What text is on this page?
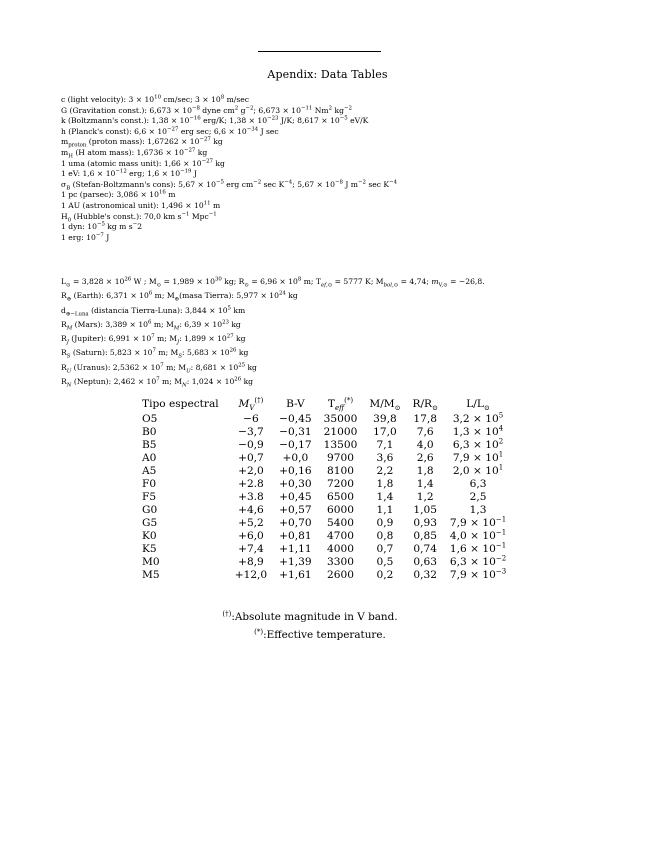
Apendix: Data Tables
c (light velocity): $3 \times 10^{10}$ cm/sec; $3 \times 10^8$ m/sec
G (Gravitation const.): $6,673 \times 10^{-8}$ dyne $cm^2$ $g^{-2}$; $6,673 \times 10^{-11}$ Nm$^2$ $kg^{-2}$
k (Boltzmann's const.): $1,38 \times 10^{-16}$ erg/K; $1,38 \times 10^{-23}$ J/K; $8,617 \times 10^{-5}$ eV/K
h (Planck's const): $6,6 \times 10^{-27}$ erg sec; $6,6 \times 10^{-34}$ J sec
$m_{proton}$ (proton mass): $1,67262 \times 10^{-27}$ kg
$m_H$ (H atom mass): $1,6736 \times 10^{-27}$ kg
1 uma (atomic mass unit): $1,66 \times 10^{-27}$ kg
1 eV: $1,6 \times 10^{-12}$ erg; $1,6 \times 10^{-19}$ J
$\sigma_B$ (Stefan-Boltzmann's cons): $5,67 \times 10^{-5}$ erg $cm^{-2}$ $\sec K^{-4}$; $5,67 \times 10^{-8}$ J $m^{-2}$ $\sec K^{-4}$
1 pc (parsec): $3,086 \times 10^{16}$ m
1 AU (astronomical unit): $1,496 \times 10^{11}$ m
$H_0$ (Hubble's const.): 70,0 km $s^{-1}$ Mpc$^{-1}$
1 dyn: $10^{-5}$ kg m s−2
1 erg: $10^{-7}$ J
$L_⊙ = 3,828 \times 10^{26}$ W ; $M_⊙ = 1,989 \times 10^{30}$ kg; $R_⊙ = 6,96 \times 10^8$ m; $T_{ef,⊙} = 5777$ K; $M_{bol,⊙} = 4,74$; $m_{V,⊙} = -26,8$.
$R_\oplus$ (Earth): $6,371 \times 10^6$ m; $M_\oplus(masa$ Tierra): $5,977 \times 10^{24}$ kg
$d_{\oplus-Luna}$ (distancia Tierra-Luna): $3,844 \times 10^5$ km
$R_M$ (Mars): $3,389 \times 10^6$ m; $M_M$: $6,39 \times 10^{23}$ kg
$R_J$ (Jupiter): $6,991 \times 10^7$ m; $M_J$: $1,899 \times 10^{27}$ kg
$R_S$ (Saturn): $5,823 \times 10^7$ m; $M_S$: $5,683 \times 10^{26}$ kg
$R_U$ (Uranus): $2,5362 \times 10^7$ m; $M_U$: $8,681 \times 10^{25}$ kg
$R_N$ (Neptun): $2,462 \times 10^7$ m; $M_N$: $1,024 \times 10^{26}$ kg
Tipo espectral	$M_V^{(\dagger)}$	B-V	$T_{eff}^{(*)}$	$M/M_⊙$	$R/R_⊙$	$L/L_⊙$
O5	−6	−0,45	35000	39,8	17,8	$3,2 \times 10^5$
B0	−3,7	−0,31	21000	17,0	7,6	$1,3 \times 10^4$
B5	−0,9	−0,17	13500	7,1	4,0	$6,3 \times 10^2$
A0	+0,7	+0,0	9700	3,6	2,6	$7,9 \times 10^1$
A5	+2,0	+0,16	8100	2,2	1,8	$2,0 \times 10^1$
F0	+2.8	+0,30	7200	1,8	1,4	6,3
F5	+3.8	+0,45	6500	1,4	1,2	2,5
G0	+4,6	+0,57	6000	1,1	1,05	1,3
G5	+5,2	+0,70	5400	0,9	0,93	$7,9 \times 10^{-1}$
K0	+6,0	+0,81	4700	0,8	0,85	$4,0 \times 10^{-1}$
K5	+7,4	+1,11	4000	0,7	0,74	$1,6 \times 10^{-1}$
M0	+8,9	+1,39	3300	0,5	0,63	$6,3 \times 10^{-2}$
M5	+12,0	+1,61	2600	0,2	0,32	$7,9 \times 10^{-3}$
(†):Absolute magnitude in V band.
(*):Effective temperature.
